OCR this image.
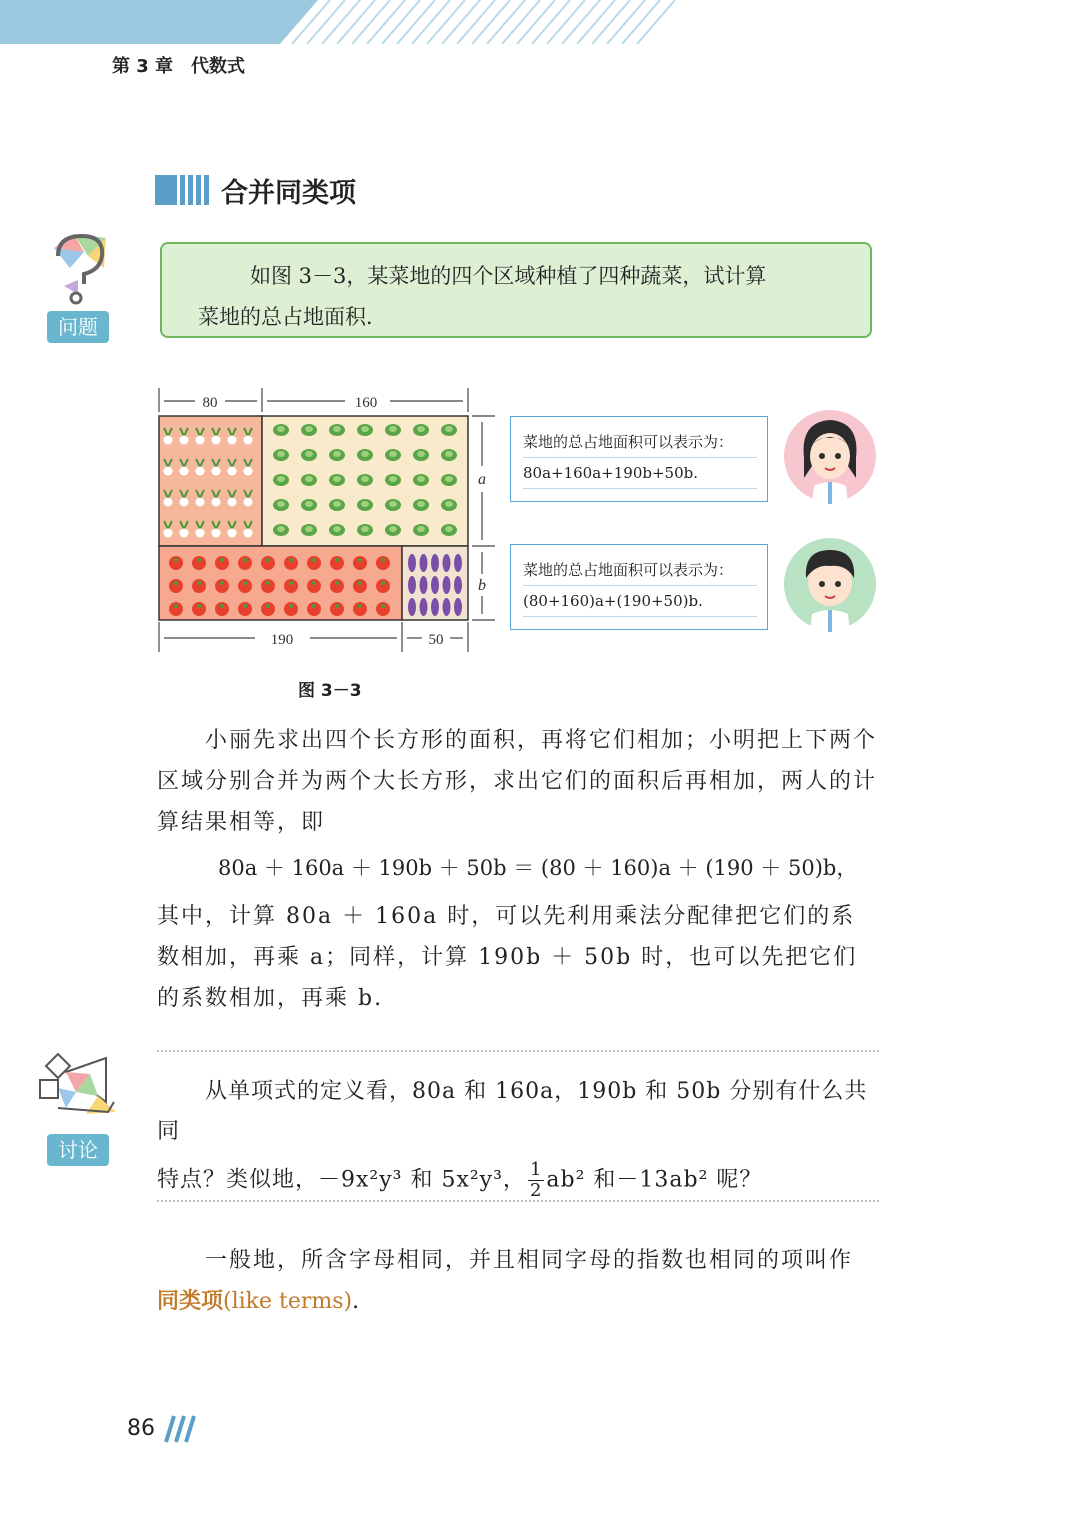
第 3 章　代数式
合并同类项
问题

如图 3－3，某菜地的四个区域种植了四种蔬菜，试计算

菜地的总占地面积．
80	160
190	50
a
b
菜地的总占地面积可以表示为：
80a+160a+190b+50b.
菜地的总占地面积可以表示为：
(80+160)a+(190+50)b.
图 3－3

小丽先求出四个长方形的面积，再将它们相加；小明把上下两个区域分别合并为两个大长方形，求出它们的面积后再相加，两人的计算结果相等，即

80a ＋ 160a ＋ 190b ＋ 50b ＝ (80 ＋ 160)a ＋ (190 ＋ 50)b，

其中，计算 80a ＋ 160a 时，可以先利用乘法分配律把它们的系数相加，再乘 a；同样，计算 190b ＋ 50b 时，也可以先把它们的系数相加，再乘 b.

讨论
从单项式的定义看，80a 和 160a，190b 和 50b 分别有什么共同
特点？类似地，－9x²y³ 和 5x²y³， $\frac{1}{2} ab^2$ 和－13ab² 呢？
一般地，所含字母相同，并且相同字母的指数也相同的项叫作
同类项(like terms).
86
